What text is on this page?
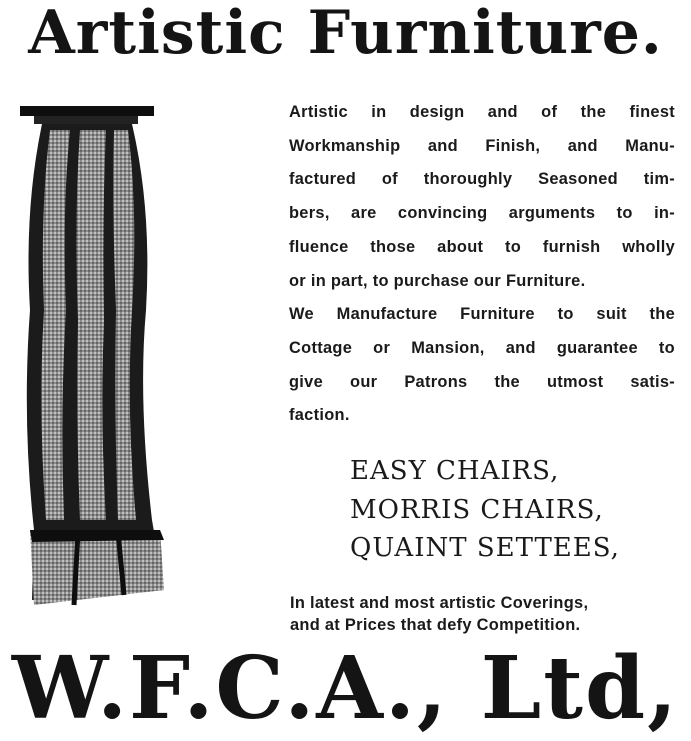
Artistic Furniture.
Artistic in design and of the finest
Workmanship and Finish, and Manu-
factured of thoroughly Seasoned tim-
bers, are convincing arguments to in-
fluence those about to furnish wholly
or in part, to purchase our Furniture.
We Manufacture Furniture to suit the
Cottage or Mansion, and guarantee to
give our Patrons the utmost satis-
faction.
EASY CHAIRS,
MORRIS CHAIRS,
QUAINT SETTEES,
In latest and most artistic Coverings,
and at Prices that defy Competition.
W.F.C.A., Ltd,
